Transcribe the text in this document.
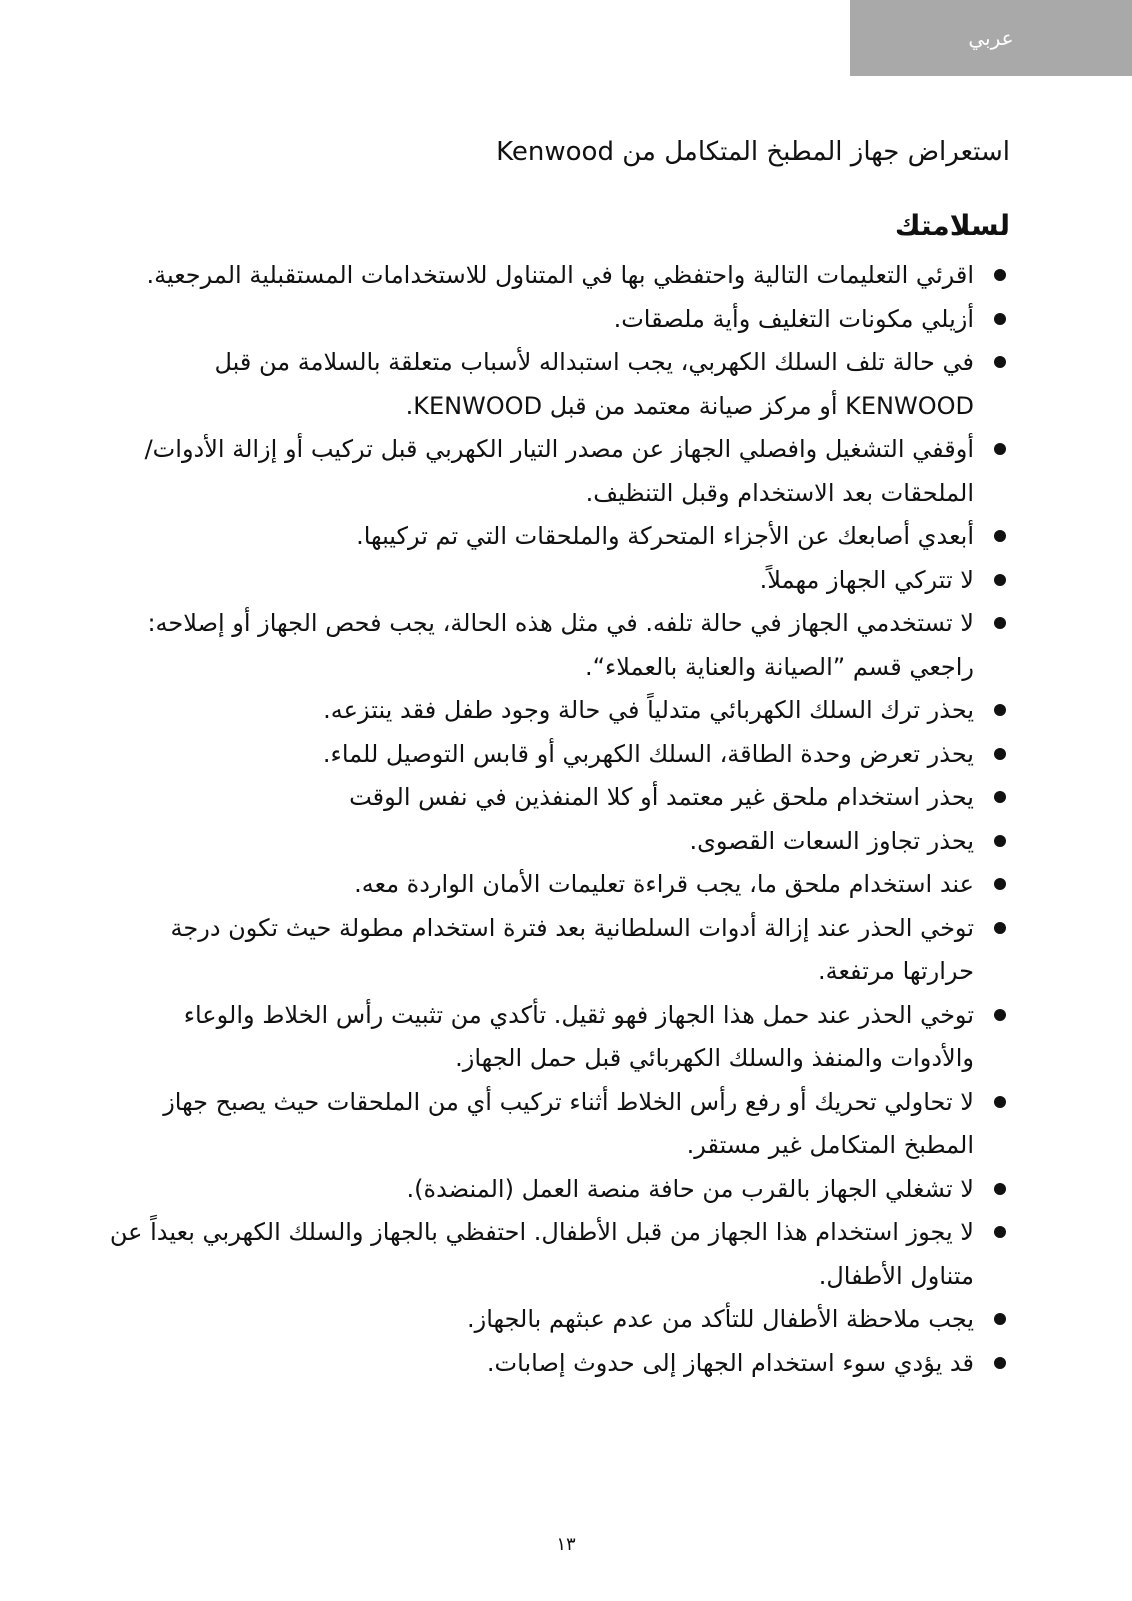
عربي
استعراض جهاز المطبخ المتكامل من Kenwood
لسلامتك
اقرئي التعليمات التالية واحتفظي بها في المتناول للاستخدامات المستقبلية المرجعية.
أزيلي مكونات التغليف وأية ملصقات.
في حالة تلف السلك الكهربي، يجب استبداله لأسباب متعلقة بالسلامة من قبل KENWOOD أو مركز صيانة معتمد من قبل KENWOOD.
أوقفي التشغيل وافصلي الجهاز عن مصدر التيار الكهربي قبل تركيب أو إزالة الأدوات/ الملحقات بعد الاستخدام وقبل التنظيف.
أبعدي أصابعك عن الأجزاء المتحركة والملحقات التي تم تركيبها.
لا تتركي الجهاز مهملاً.
لا تستخدمي الجهاز في حالة تلفه. في مثل هذه الحالة، يجب فحص الجهاز أو إصلاحه: راجعي قسم ”الصيانة والعناية بالعملاء“.
يحذر ترك السلك الكهربائي متدلياً في حالة وجود طفل فقد ينتزعه.
يحذر تعرض وحدة الطاقة، السلك الكهربي أو قابس التوصيل للماء.
يحذر استخدام ملحق غير معتمد أو كلا المنفذين في نفس الوقت
يحذر تجاوز السعات القصوى.
عند استخدام ملحق ما، يجب قراءة تعليمات الأمان الواردة معه.
توخي الحذر عند إزالة أدوات السلطانية بعد فترة استخدام مطولة حيث تكون درجة حرارتها مرتفعة.
توخي الحذر عند حمل هذا الجهاز فهو ثقيل. تأكدي من تثبيت رأس الخلاط والوعاء والأدوات والمنفذ والسلك الكهربائي قبل حمل الجهاز.
لا تحاولي تحريك أو رفع رأس الخلاط أثناء تركيب أي من الملحقات حيث يصبح جهاز المطبخ المتكامل غير مستقر.
لا تشغلي الجهاز بالقرب من حافة منصة العمل (المنضدة).
لا يجوز استخدام هذا الجهاز من قبل الأطفال. احتفظي بالجهاز والسلك الكهربي بعيداً عن متناول الأطفال.
يجب ملاحظة الأطفال للتأكد من عدم عبثهم بالجهاز.
قد يؤدي سوء استخدام الجهاز إلى حدوث إصابات.
١٣
